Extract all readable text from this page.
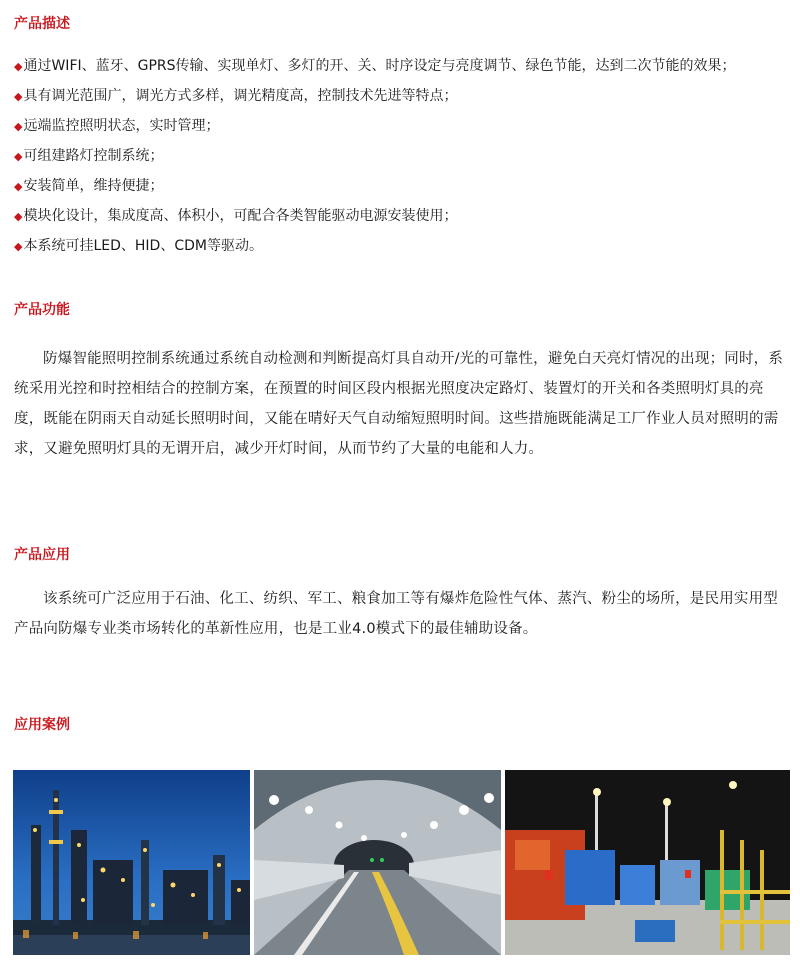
产品描述
◆通过WIFI、蓝牙、GPRS传输、实现单灯、多灯的开、关、时序设定与亮度调节、绿色节能，达到二次节能的效果；
◆具有调光范围广，调光方式多样，调光精度高，控制技术先进等特点；
◆远端监控照明状态，实时管理；
◆可组建路灯控制系统；
◆安装简单，维持便捷；
◆模块化设计，集成度高、体积小，可配合各类智能驱动电源安装使用；
◆本系统可挂LED、HID、CDM等驱动。
产品功能

防爆智能照明控制系统通过系统自动检测和判断提高灯具自动开/光的可靠性，避免白天亮灯情况的出现；同时，系统采用光控和时控相结合的控制方案，在预置的时间区段内根据光照度决定路灯、装置灯的开关和各类照明灯具的亮度，既能在阴雨天自动延长照明时间，又能在晴好天气自动缩短照明时间。这些措施既能满足工厂作业人员对照明的需求，又避免照明灯具的无谓开启，减少开灯时间，从而节约了大量的电能和人力。

产品应用

该系统可广泛应用于石油、化工、纺织、军工、粮食加工等有爆炸危险性气体、蒸汽、粉尘的场所，是民用实用型产品向防爆专业类市场转化的革新性应用，也是工业4.0模式下的最佳辅助设备。

应用案例
